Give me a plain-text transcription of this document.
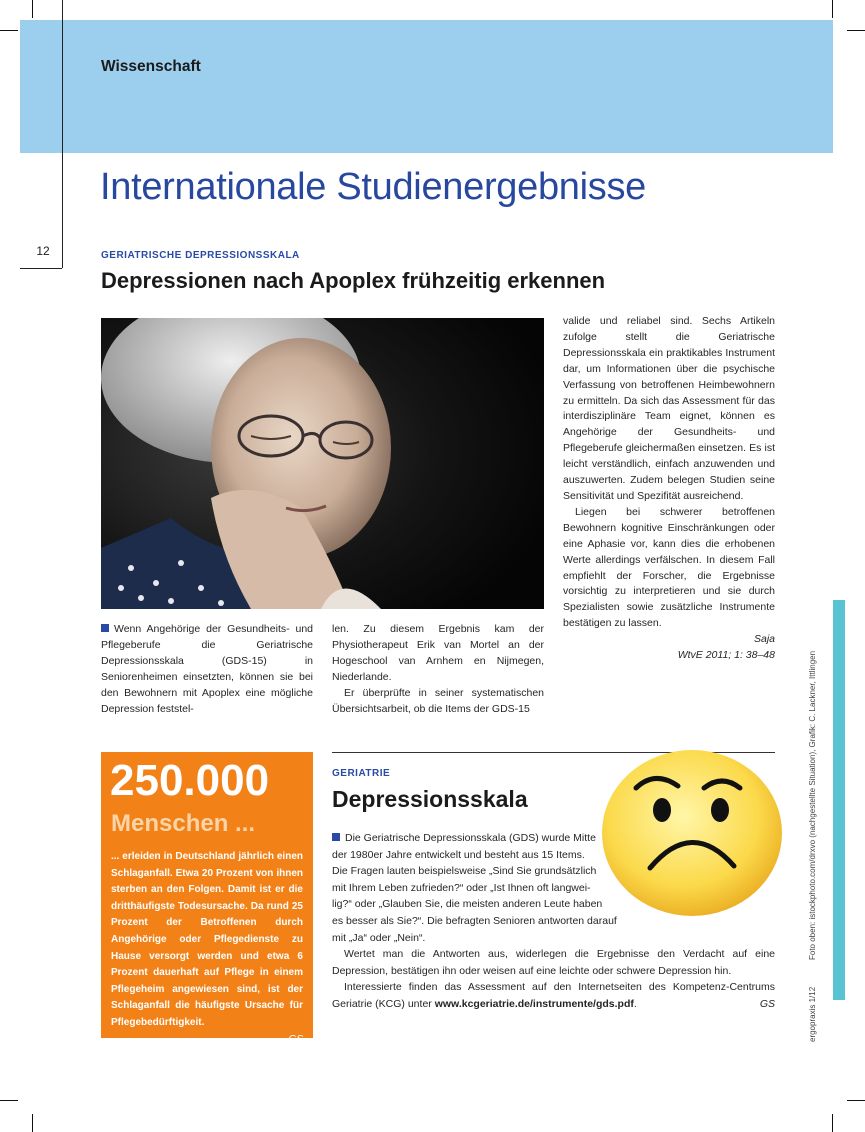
Wissenschaft
12
Internationale Studienergebnisse
GERIATRISCHE DEPRESSIONSSKALA
Depressionen nach Apoplex frühzeitig erkennen

Wenn Angehörige der Gesundheits- und Pflegeberufe die Geriatrische Depressionsskala (GDS-15) in Seniorenheimen einsetzten, können sie bei den Bewohnern mit Apoplex eine mögliche Depression feststel-

len. Zu diesem Ergebnis kam der Physiotherapeut Erik van Mortel an der Hogeschool van Arnhem en Nijmegen, Niederlande.

Er überprüfte in seiner systematischen Übersichtsarbeit, ob die Items der GDS-15

valide und reliabel sind. Sechs Artikeln zufolge stellt die Geriatrische Depressionsskala ein praktikables Instrument dar, um Informationen über die psychische Verfassung von betroffenen Heimbewohnern zu ermitteln. Da sich das Assessment für das interdisziplinäre Team eignet, können es Angehörige der Gesundheits- und Pflegeberufe gleichermaßen einsetzen. Es ist leicht verständlich, einfach anzuwenden und auszuwerten. Zudem belegen Studien seine Sensitivität und Spezifität ausreichend.

Liegen bei schwerer betroffenen Bewohnern kognitive Einschränkungen oder eine Aphasie vor, kann dies die erhobenen Werte allerdings verfälschen. In diesem Fall empfiehlt der Forscher, die Ergebnisse vorsichtig zu interpretieren und sie durch Spezialisten sowie zusätzliche Instrumente bestätigen zu lassen.

Saja

WtvE 2011; 1: 38–48

250.000
Menschen ...
... erleiden in Deutschland jährlich einen Schlaganfall. Etwa 20 Prozent von ihnen sterben an den Folgen. Damit ist er die dritthäufigste Todesursache. Da rund 25 Prozent der Betroffenen durch Angehörige oder Pflegedienste zu Hause versorgt werden und etwa 6 Prozent dauerhaft auf Pflege in einem Pflegeheim angewiesen sind, ist der Schlaganfall die häufigste Ursache für Pflegebedürftigkeit.
GS
Akt Neurol 2010; 37: 333–340
GERIATRIE
Depressionsskala
Die Geriatrische Depressionsskala (GDS) wurde Mitte
der 1980er Jahre entwickelt und besteht aus 15 Items.
Die Fragen lauten beispielsweise „Sind Sie grundsätzlich
mit Ihrem Leben zufrieden?“ oder „Ist Ihnen oft langwei-
lig?“ oder „Glauben Sie, die meisten anderen Leute haben
es besser als Sie?“. Die befragten Senioren antworten darauf
mit „Ja“ oder „Nein“.

Wertet man die Antworten aus, widerlegen die Ergebnisse den Verdacht auf eine Depression, bestätigen ihn oder weisen auf eine leichte oder schwere Depression hin.

Interessierte finden das Assessment auf den Internetseiten des Kompetenz-Centrums Geriatrie (KCG) unter www.kcgeriatrie.de/instrumente/gds.pdf.	GS

Foto oben: istockphoto.com/drxvo (nachgestellte Situation), Grafik: C. Lackner, Ittlingen
ergopraxis 1/12
